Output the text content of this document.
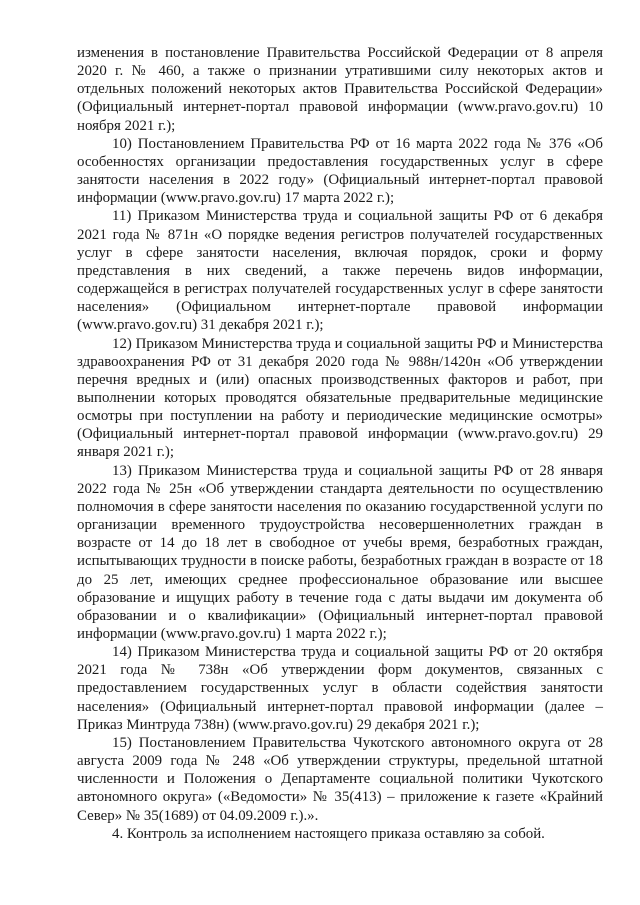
изменения в постановление Правительства Российской Федерации от 8 апреля 2020 г. № 460, а также о признании утратившими силу некоторых актов и отдельных положений некоторых актов Правительства Российской Федерации» (Официальный интернет-портал правовой информации (www.pravo.gov.ru) 10 ноября 2021 г.);

10) Постановлением Правительства РФ от 16 марта 2022 года № 376 «Об особенностях организации предоставления государственных услуг в сфере занятости населения в 2022 году» (Официальный интернет-портал правовой информации (www.pravo.gov.ru) 17 марта 2022 г.);

11) Приказом Министерства труда и социальной защиты РФ от 6 декабря 2021 года № 871н «О порядке ведения регистров получателей государственных услуг в сфере занятости населения, включая порядок, сроки и форму представления в них сведений, а также перечень видов информации, содержащейся в регистрах получателей государственных услуг в сфере занятости населения» (Официальном интернет-портале правовой информации (www.pravo.gov.ru) 31 декабря 2021 г.);

12) Приказом Министерства труда и социальной защиты РФ и Министерства здравоохранения РФ от 31 декабря 2020 года № 988н/1420н «Об утверждении перечня вредных и (или) опасных производственных факторов и работ, при выполнении которых проводятся обязательные предварительные медицинские осмотры при поступлении на работу и периодические медицинские осмотры» (Официальный интернет-портал правовой информации (www.pravo.gov.ru) 29 января 2021 г.);

13) Приказом Министерства труда и социальной защиты РФ от 28 января 2022 года № 25н «Об утверждении стандарта деятельности по осуществлению полномочия в сфере занятости населения по оказанию государственной услуги по организации временного трудоустройства несовершеннолетних граждан в возрасте от 14 до 18 лет в свободное от учебы время, безработных граждан, испытывающих трудности в поиске работы, безработных граждан в возрасте от 18 до 25 лет, имеющих среднее профессиональное образование или высшее образование и ищущих работу в течение года с даты выдачи им документа об образовании и о квалификации» (Официальный интернет-портал правовой информации (www.pravo.gov.ru) 1 марта 2022 г.);

14) Приказом Министерства труда и социальной защиты РФ от 20 октября 2021 года № 738н «Об утверждении форм документов, связанных с предоставлением государственных услуг в области содействия занятости населения» (Официальный интернет-портал правовой информации (далее – Приказ Минтруда 738н) (www.pravo.gov.ru) 29 декабря 2021 г.);

15) Постановлением Правительства Чукотского автономного округа от 28 августа 2009 года № 248 «Об утверждении структуры, предельной штатной численности и Положения о Департаменте социальной политики Чукотского автономного округа» («Ведомости» № 35(413) – приложение к газете «Крайний Север» № 35(1689) от 04.09.2009 г.).».

4. Контроль за исполнением настоящего приказа оставляю за собой.
